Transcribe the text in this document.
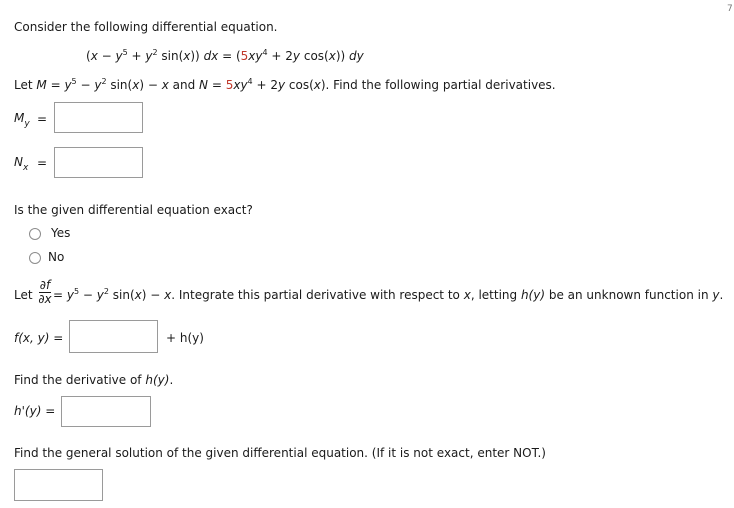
7
Consider the following differential equation.
($x - y^5 + y^2$ sin(x)) dx = ($5xy^4 + 2y$ cos(x)) dy
Let $M = y^5 - y^2$ sin(x) − x and $N = 5xy^4 + 2y$ cos(x). Find the following partial derivatives.
$M_y$ =
$N_x$ =
Is the given differential equation exact?
Yes
No
Let
∂f
$\partial x = y^5 - y^2$ sin(x) − x. Integrate this partial derivative with respect to x, letting h(y) be an unknown function in y.
f(x, y) =	+ h(y)
Find the derivative of h(y).
h'(y) =
Find the general solution of the given differential equation. (If it is not exact, enter NOT.)
